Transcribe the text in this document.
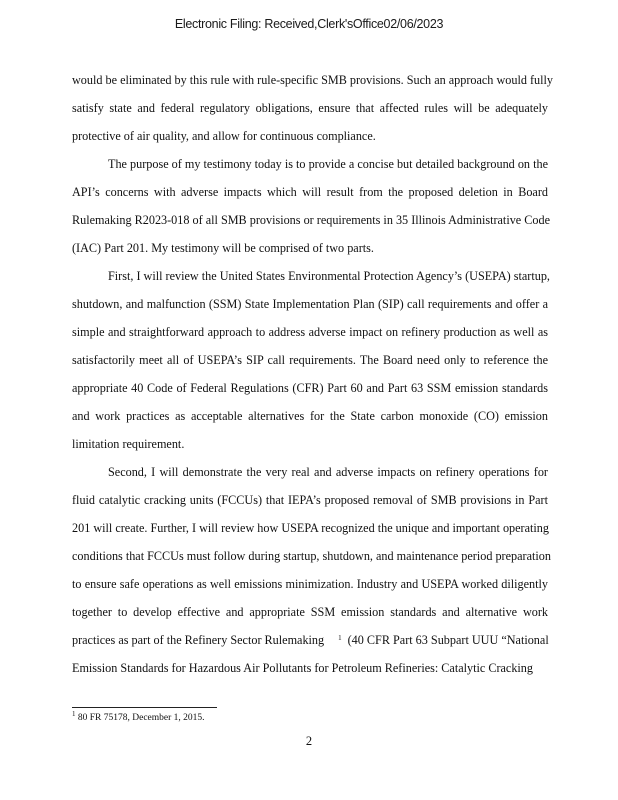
Electronic Filing: Received,Clerk'sOffice02/06/2023
would be eliminated by this rule with rule-specific SMB provisions. Such an approach would fully
satisfy state and federal regulatory obligations, ensure that affected rules will be adequately
protective of air quality, and allow for continuous compliance.
The purpose of my testimony today is to provide a concise but detailed background on the
API’s concerns with adverse impacts which will result from the proposed deletion in Board
Rulemaking R2023-018 of all SMB provisions or requirements in 35 Illinois Administrative Code
(IAC) Part 201. My testimony will be comprised of two parts.
First, I will review the United States Environmental Protection Agency’s (USEPA) startup,
shutdown, and malfunction (SSM) State Implementation Plan (SIP) call requirements and offer a
simple and straightforward approach to address adverse impact on refinery production as well as
satisfactorily meet all of USEPA’s SIP call requirements. The Board need only to reference the
appropriate 40 Code of Federal Regulations (CFR) Part 60 and Part 63 SSM emission standards
and work practices as acceptable alternatives for the State carbon monoxide (CO) emission
limitation requirement.
Second, I will demonstrate the very real and adverse impacts on refinery operations for
fluid catalytic cracking units (FCCUs) that IEPA’s proposed removal of SMB provisions in Part
201 will create. Further, I will review how USEPA recognized the unique and important operating
conditions that FCCUs must follow during startup, shutdown, and maintenance period preparation
to ensure safe operations as well emissions minimization. Industry and USEPA worked diligently
together to develop effective and appropriate SSM emission standards and alternative work
practices as part of the Refinery Sector Rulemaking $^1$ (40 CFR Part 63 Subpart UUU “National
Emission Standards for Hazardous Air Pollutants for Petroleum Refineries: Catalytic Cracking
$^1$ 80 FR 75178, December 1, 2015.
2
